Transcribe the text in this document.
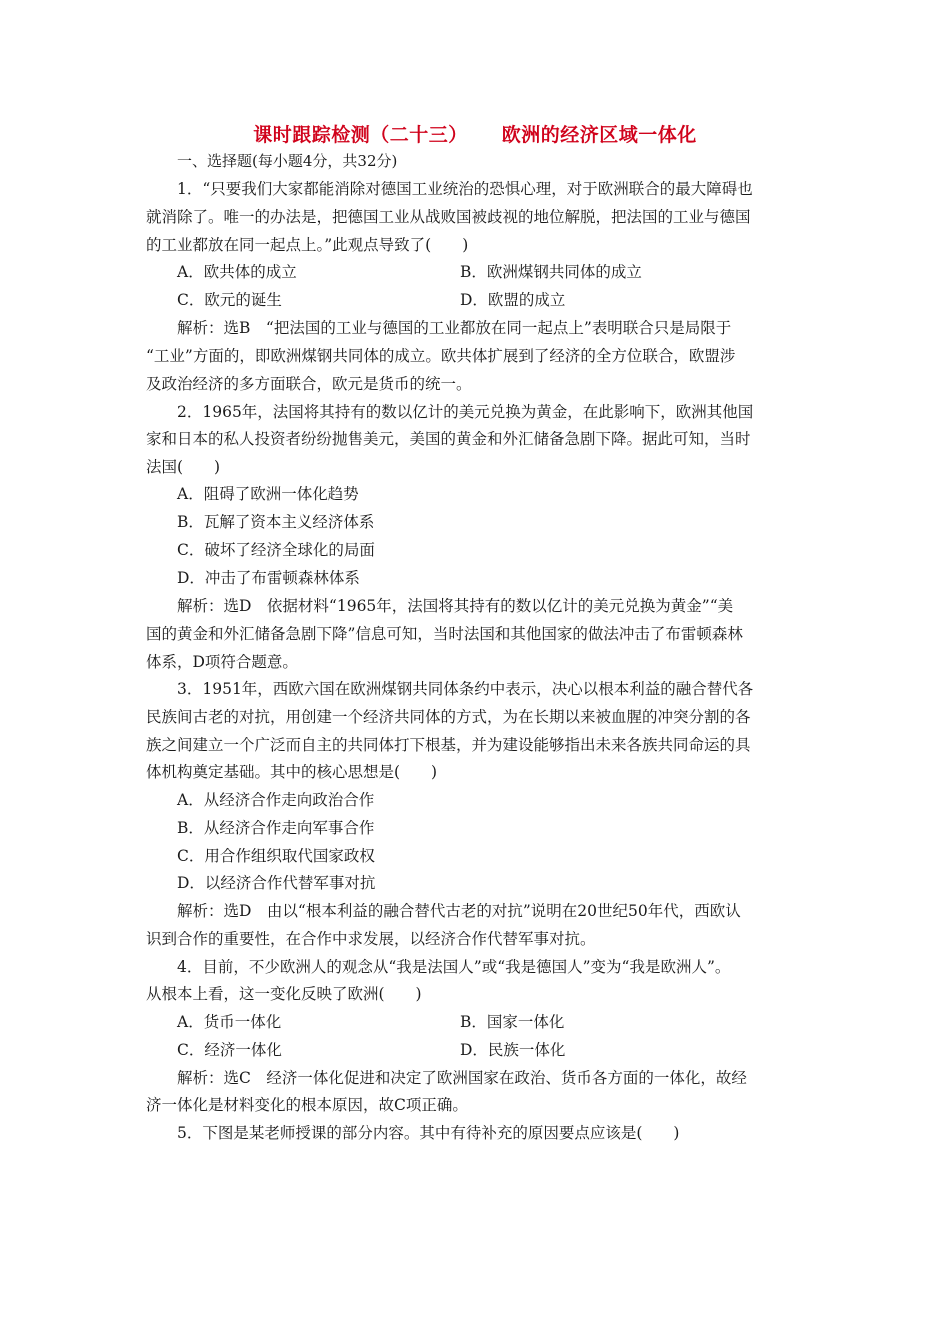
课时跟踪检测（二十三） 欧洲的经济区域一体化
一、选择题(每小题4分，共32分)
1．“只要我们大家都能消除对德国工业统治的恐惧心理，对于欧洲联合的最大障碍也
就消除了。唯一的办法是，把德国工业从战败国被歧视的地位解脱，把法国的工业与德国
的工业都放在同一起点上。”此观点导致了(　　)
A．欧共体的成立	B．欧洲煤钢共同体的成立
C．欧元的诞生	D．欧盟的成立
解析：选B　“把法国的工业与德国的工业都放在同一起点上”表明联合只是局限于
“工业”方面的，即欧洲煤钢共同体的成立。欧共体扩展到了经济的全方位联合，欧盟涉
及政治经济的多方面联合，欧元是货币的统一。
2．1965年，法国将其持有的数以亿计的美元兑换为黄金，在此影响下，欧洲其他国
家和日本的私人投资者纷纷抛售美元，美国的黄金和外汇储备急剧下降。据此可知，当时
法国(　　)
A．阻碍了欧洲一体化趋势
B．瓦解了资本主义经济体系
C．破坏了经济全球化的局面
D．冲击了布雷顿森林体系
解析：选D　依据材料“1965年，法国将其持有的数以亿计的美元兑换为黄金”“美
国的黄金和外汇储备急剧下降”信息可知，当时法国和其他国家的做法冲击了布雷顿森林
体系，D项符合题意。
3．1951年，西欧六国在欧洲煤钢共同体条约中表示，决心以根本利益的融合替代各
民族间古老的对抗，用创建一个经济共同体的方式，为在长期以来被血腥的冲突分割的各
族之间建立一个广泛而自主的共同体打下根基，并为建设能够指出未来各族共同命运的具
体机构奠定基础。其中的核心思想是(　　)
A．从经济合作走向政治合作
B．从经济合作走向军事合作
C．用合作组织取代国家政权
D．以经济合作代替军事对抗
解析：选D　由以“根本利益的融合替代古老的对抗”说明在20世纪50年代，西欧认
识到合作的重要性，在合作中求发展，以经济合作代替军事对抗。
4．目前，不少欧洲人的观念从“我是法国人”或“我是德国人”变为“我是欧洲人”。
从根本上看，这一变化反映了欧洲(　　)
A．货币一体化	B．国家一体化
C．经济一体化	D．民族一体化
解析：选C　经济一体化促进和决定了欧洲国家在政治、货币各方面的一体化，故经
济一体化是材料变化的根本原因，故C项正确。
5．下图是某老师授课的部分内容。其中有待补充的原因要点应该是(　　)
